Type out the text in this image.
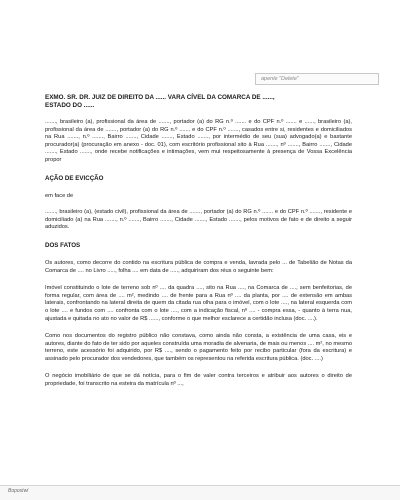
apenle "Delete"
EXMO. SR. DR. JUIZ DE DIREITO DA ...... VARA CÍVEL DA COMARCA DE ......,
ESTADO DO ......

......., brasileiro (a), profissional da área de ......., portador (a) do RG n.º ....... e do CPF n.º ....... e ......, brasileiro (a), profissional da área de ......., portador (a) do RG n.º ....... e do CPF n.º ......., casados entre si, residentes e domiciliados na Rua ......., n.º ......., Bairro ......., Cidade ......., Estado ......., por intermédio de seu (sua) advogado(a) e bastante procurador(a) (procuração em anexo - doc. 01), com escritório profissional sito à Rua ......., nº ......., Bairro ......., Cidade ......., Estado ......., onde recebe notificações e intimações, vem mui respeitosamente à presença de Vossa Excelência propor

AÇÃO DE EVICÇÃO

em face de

......., brasileiro (a), (estado civil), profissional da área de ......., portador (a) do RG n.º ....... e do CPF n.º ......., residente e domiciliado (a) na Rua ......., n.º ......., Bairro ......., Cidade ......., Estado ......., pelos motivos de fato e de direito a seguir aduzidos.

DOS FATOS

Os autores, como decorre do contido na escritura pública de compra e venda, lavrada pelo ... de Tabelião de Notas da Comarca de .... no Livro ....., folha .... em data de ....., adquiriram dos réus o seguinte bem:

Imóvel constituindo o lote de terreno sob nº .... da quadra ...., sito na Rua ...., na Comarca de ...., sem benfeitorias, de forma regular, com área de .... m², medindo .... de frente para a Rua nº .... da planta, por .... de extensão em ambas laterais, confrontando na lateral direita de quem da citada rua olha para o imóvel, com o lote ...., na lateral esquerda com o lote .... e fundos com .... confronta com o lote ...., com a indicação fiscal, nº .... - compra essa, - quanto à terra nua, ajustada e quitada no ato no valor de R$ ......, conforme o que melhor esclarece a certidão inclusa (doc. ....).

Como nos documentos do registro público não constava, como ainda não consta, a existência de uma casa, eis e autores, diante do fato de ter sido por aqueles construída uma moradia de alvenaria, de mais ou menos .... m², no mesmo terreno, este acessório foi adquirido, por R$ ...., sendo o pagamento feito por recibo particular (fora da escritura) e assinado pelo procurador dos vendedores, que também os representou na referida escritura pública. (doc. ....)

O negócio imobiliário de que se dá notícia, para o fim de valer contra terceiros e atribuir aos autores o direito de propriedade, foi transcrito na esteira da matrícula nº ...,

Bopostwi
